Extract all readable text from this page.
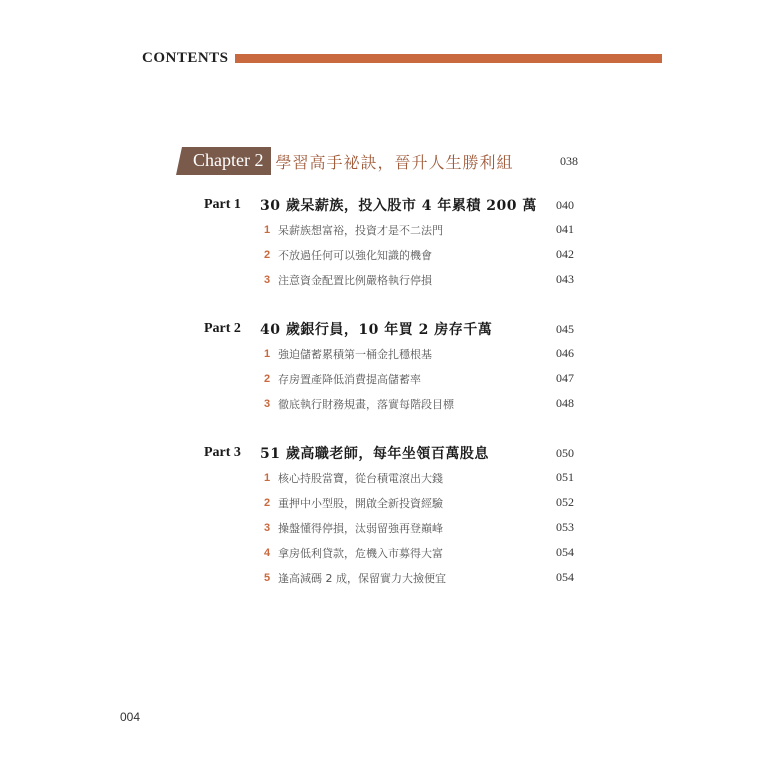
CONTENTS
Chapter 2 學習高手祕訣，晉升人生勝利組	038
Part 1	30 歲呆薪族，投入股市 4 年累積 200 萬 040
1 呆薪族想富裕，投資才是不二法門	041
2 不放過任何可以強化知識的機會	042
3 注意資金配置比例嚴格執行停損	043
Part 2	40 歲銀行員，10 年買 2 房存千萬	045
1 強迫儲蓄累積第一桶金扎穩根基	046
2 存房置產降低消費提高儲蓄率	047
3 徹底執行財務規畫，落實每階段目標	048
Part 3	51 歲高職老師，每年坐領百萬股息	050
1 核心持股當寶，從台積電滾出大錢	051
2 重押中小型股，開啟全新投資經驗	052
3 操盤懂得停損，汰弱留強再登巔峰	053
4 拿房低利貸款，危機入市募得大富	054
5 逢高減碼 2 成，保留實力大撿便宜	054
004
